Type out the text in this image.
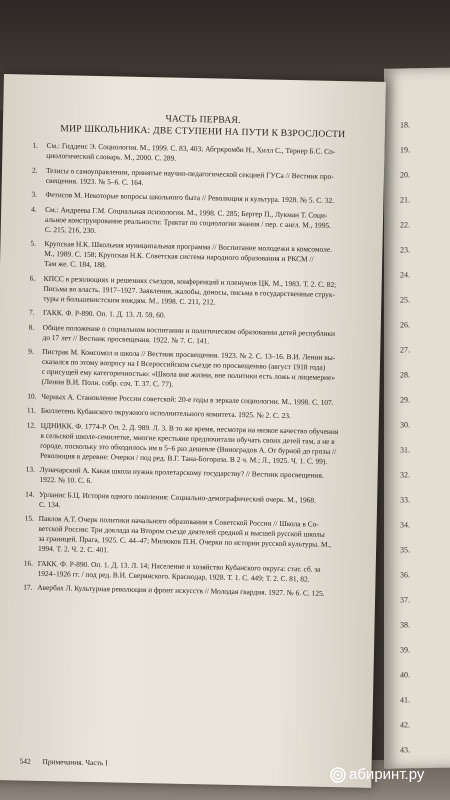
18.
19.
20.
21.
22.
23.
24.
25.
26.
27.
28.
29.
30.
31.
32.
33.
34.
35.
36.
37.
38.
39.
40.
41.
42.
43.
ЧАСТЬ ПЕРВАЯ.
МИР ШКОЛЬНИКА: ДВЕ СТУПЕНИ НА ПУТИ К ВЗРОСЛОСТИ
1.	См.: Гидденс Э. Социология. М., 1999. С. 83, 403; Абгркромби Н., Хилл С., Тернер Б.С. Со-
циологический словарь. М., 2000. С. 289.
2.	Тезисы о самоуправлении, принятые научно-педагогической секцией ГУСа // Вестник про-
свещения. 1923. № 5–6. С. 164.
3.	Фетисов М. Некоторые вопросы школьного быта // Революция и культура. 1928. № 5. С. 32.
4.	См.: Андреева Г.М. Социальная психология. М., 1998. С. 285; Бергер П., Лукман Т. Соци-
альное конструирование реальности: Трактат по социологии знания / пер. с англ. М., 1995.
С. 215, 216, 230.
5.	Крупская Н.К. Школьная муниципальная программа // Воспитание молодежи в комсомоле.
М., 1989. С. 158; Крупская Н.К. Советская система народного образования и РКСМ //
Там же. С. 184, 188.
6.	КПСС в резолюциях и решениях съездов, конференций и пленумов ЦК. М., 1983. Т. 2. С. 82;
Письма во власть. 1917–1927. Заявления, жалобы, доносы, письма в государственные струк-
туры и большевистским вождям. М., 1998. С. 211, 212.
7.	ГАКК. Ф. Р-890. Оп. 1. Д. 13. Л. 59, 60.
8.	Общее положение о социальном воспитании и политическом образовании детей республики
до 17 лет // Вестник просвещения. 1922. № 7. С. 141.
9.	Пистрак М. Комсомол и школа // Вестник просвещения. 1923. № 2. С. 13–16. В.И. Ленин вы-
сказался по этому вопросу на I Всероссийском съезде по просвещению (август 1918 года)
с присущей ему категоричностью: «Школа вне жизни, вне политики есть ложь и лицемерие»
(Ленин В.И. Полн. собр. соч. Т. 37. С. 77).
10. Черных А. Становление России советской: 20-е годы в зеркале социологии. М., 1998. С. 107.
11. Бюллетень Кубанского окружного исполнительного комитета. 1925. № 2. С. 23.
12. ЦДНИКК. Ф. 1774-Р. Оп. 2. Д. 989. Л. 3. В то же время, несмотря на низкое качество обучения
в сельской школе-семилетке, многие крестьяне предпочитали обучать своих детей там, а не в
городе, поскольку это обходилось им в 5–6 раз дешевле (Виноградов А. От бурной до грозы //
Революция в деревне: Очерки / под ред. В.Г. Тана-Богораза. В 2 ч. М.; Л., 1925. Ч. 1. С. 99).
13. Луначарский А. Какая школа нужна пролетарскому государству? // Вестник просвещения.
1922. № 10. С. 6.
14. Урланис Б.Ц. История одного поколения: Социально-демографический очерк. М., 1968.
С. 134.
15. Павлов А.Т. Очерк политики начального образования в Советской России // Школа в Со-
ветской России: Три доклада на Втором съезде деятелей средней и высшей русской школы
за границей. Прага, 1925. С. 44–47; Милюков П.Н. Очерки по истории русской культуры. М.,
1994. Т. 2. Ч. 2. С. 401.
16. ГАКК. Ф. Р-890. Оп. 1. Д. 13. Л. 14; Население и хозяйство Кубанского округа: стат. сб. за
1924–1926 гг. / под ред. В.И. Сверянского. Краснодар, 1928. Т. 1. С. 449; Т. 2. С. 81, 82.
17. Авербах Л. Культурная революция и фронт искусств // Молодая гвардия. 1927. № 6. С. 125.
542 Примечания. Часть I
абиринт.ру
